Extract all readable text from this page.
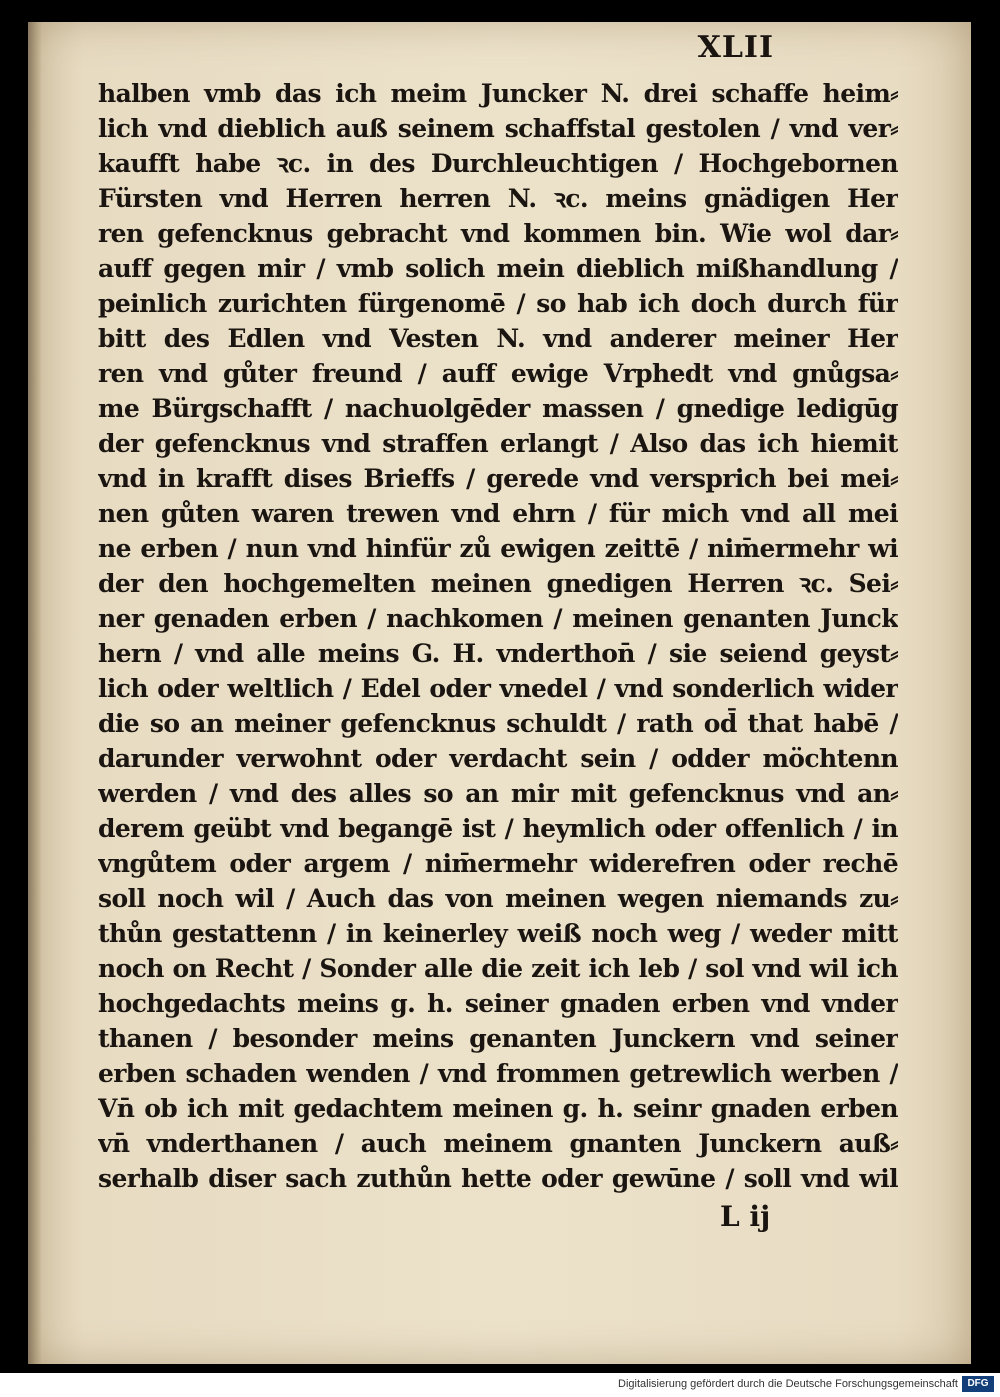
XLII
halben vmb das ich meim Juncker N. drei schaffe heim⸗
lich vnd dieblich auß seinem schaffstal gestolen / vnd ver⸗
kaufft habe ꝛc. in des Durchleuchtigen / Hochgebornen
Fürsten vnd Herren herren N. ꝛc. meins gnädigen Her
ren gefencknus gebracht vnd kommen bin. Wie wol dar⸗
auff gegen mir / vmb solich mein dieblich mißhandlung /
peinlich zurichten fürgenomē / so hab ich doch durch für
bitt des Edlen vnd Vesten N. vnd anderer meiner Her
ren vnd gůter freund / auff ewige Vrphedt vnd gnůgsa⸗
me Bürgschafft / nachuolgēder massen / gnedige ledigūg
der gefencknus vnd straffen erlangt / Also das ich hiemit
vnd in krafft dises Brieffs / gerede vnd versprich bei mei⸗
nen gůten waren trewen vnd ehrn / für mich vnd all mei
ne erben / nun vnd hinfür zů ewigen zeittē / nim̄ermehr wi
der den hochgemelten meinen gnedigen Herren ꝛc. Sei⸗
ner genaden erben / nachkomen / meinen genanten Junck
hern / vnd alle meins G. H. vnderthon̄ / sie seiend geyst⸗
lich oder weltlich / Edel oder vnedel / vnd sonderlich wider
die so an meiner gefencknus schuldt / rath od̄ that habē /
darunder verwohnt oder verdacht sein / odder möchtenn
werden / vnd des alles so an mir mit gefencknus vnd an⸗
derem geübt vnd begangē ist / heymlich oder offenlich / in
vngůtem oder argem / nim̄ermehr widerefren oder rechē
soll noch wil / Auch das von meinen wegen niemands zu⸗
thůn gestattenn / in keinerley weiß noch weg / weder mitt
noch on Recht / Sonder alle die zeit ich leb / sol vnd wil ich
hochgedachts meins g. h. seiner gnaden erben vnd vnder
thanen / besonder meins genanten Junckern vnd seiner
erben schaden wenden / vnd frommen getrewlich werben /
Vn̄ ob ich mit gedachtem meinen g. h. seinr gnaden erben
vn̄ vnderthanen / auch meinem gnanten Junckern auß⸗
serhalb diser sach zuthůn hette oder gewūne / soll vnd wil
L ij
Digitalisierung gefördert durch die Deutsche Forschungsgemeinschaft DFG
